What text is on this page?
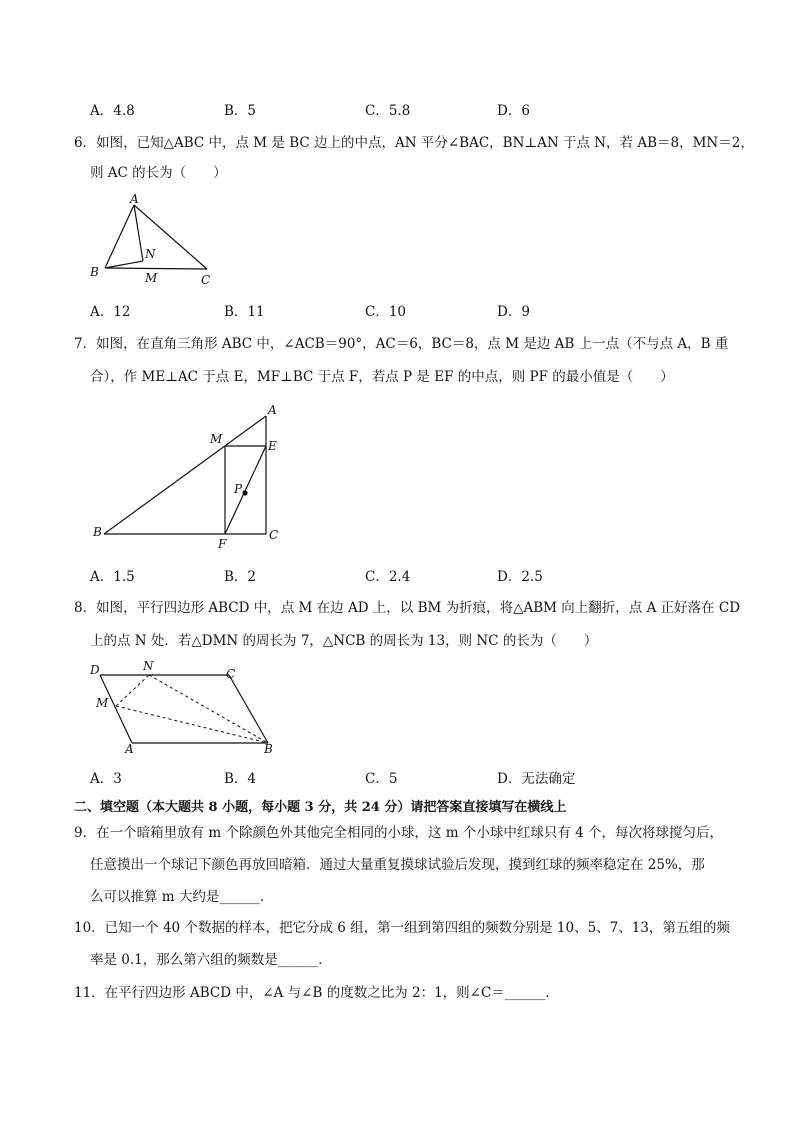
A．4.8	B．5	C．5.8	D．6
6．如图，已知△ABC 中，点 M 是 BC 边上的中点，AN 平分∠BAC，BN⊥AN 于点 N，若 AB＝8，MN＝2，
则 AC 的长为（　　）
A
B
C
N
M
A．12	B．11	C．10	D．9
7．如图，在直角三角形 ABC 中，∠ACB＝90°，AC＝6，BC＝8，点 M 是边 AB 上一点（不与点 A，B 重
合），作 ME⊥AC 于点 E，MF⊥BC 于点 F，若点 P 是 EF 的中点，则 PF 的最小值是（　　）
A
M	E
P
B
F
C
A．1.5	B．2	C．2.4	D．2.5
8．如图，平行四边形 ABCD 中，点 M 在边 AD 上，以 BM 为折痕，将△ABM 向上翻折，点 A 正好落在 CD
上的点 N 处．若△DMN 的周长为 7，△NCB 的周长为 13，则 NC 的长为（　　）
D	N
C
M
A	B
A．3	B．4	C．5	D．无法确定
二、填空题（本大题共 8 小题，每小题 3 分，共 24 分）请把答案直接填写在横线上
9．在一个暗箱里放有 m 个除颜色外其他完全相同的小球，这 m 个小球中红球只有 4 个，每次将球搅匀后，
任意摸出一个球记下颜色再放回暗箱．通过大量重复摸球试验后发现，摸到红球的频率稳定在 25%，那
么可以推算 m 大约是______．
10．已知一个 40 个数据的样本，把它分成 6 组，第一组到第四组的频数分别是 10、5、7、13，第五组的频
率是 0.1，那么第六组的频数是______．
11．在平行四边形 ABCD 中，∠A 与∠B 的度数之比为 2：1，则∠C＝______．
